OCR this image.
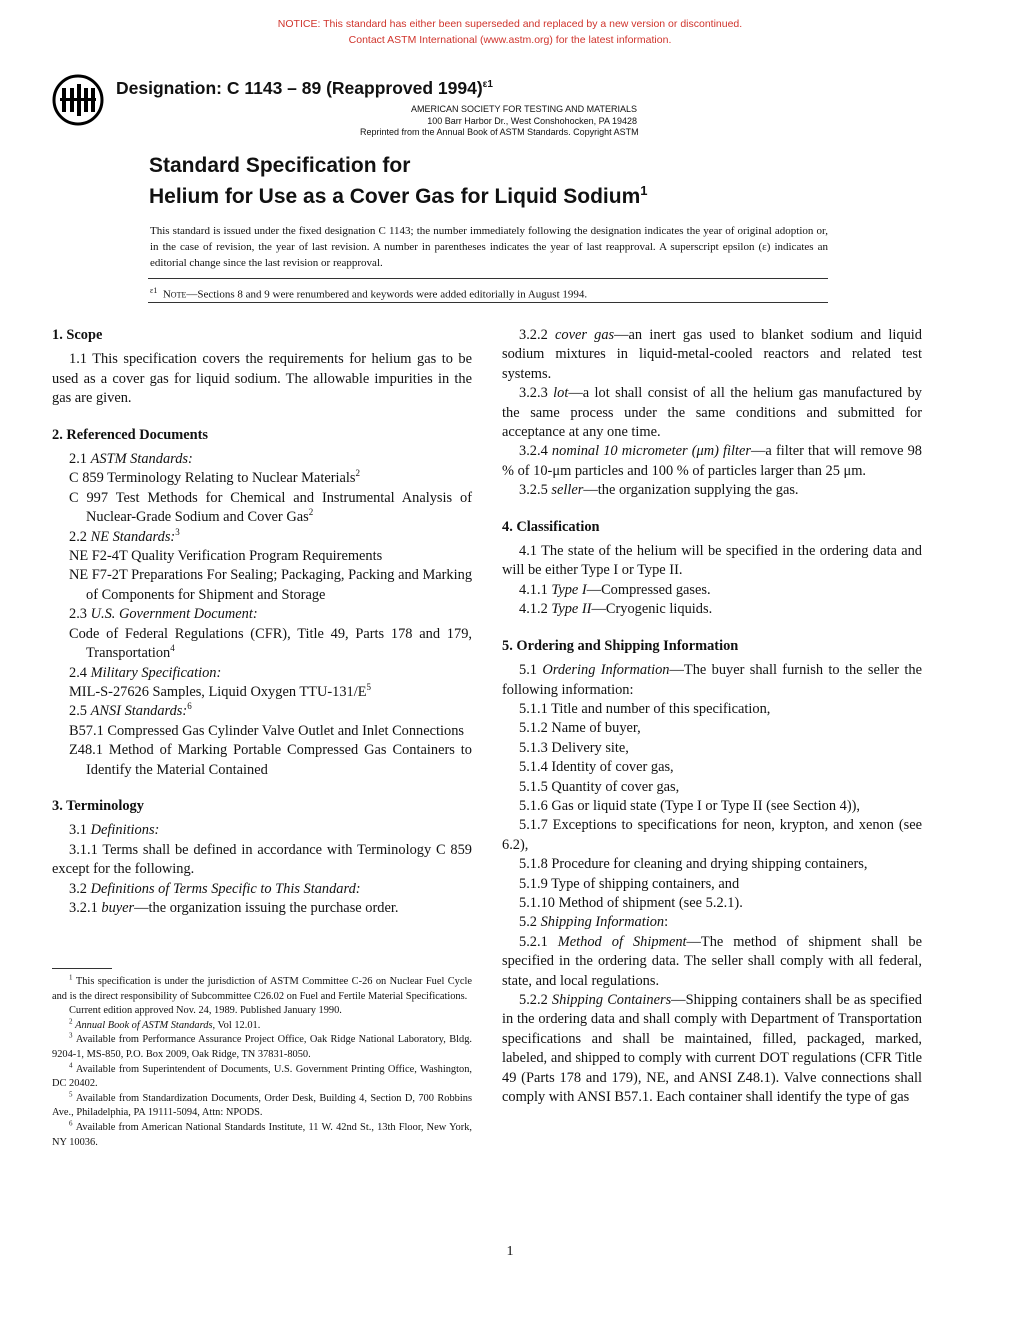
NOTICE: This standard has either been superseded and replaced by a new version or discontinued.
Contact ASTM International (www.astm.org) for the latest information.
Designation: C 1143 – 89 (Reapproved 1994)$^{\varepsilon 1}$
AMERICAN SOCIETY FOR TESTING AND MATERIALS
100 Barr Harbor Dr., West Conshohocken, PA 19428
Reprinted from the Annual Book of ASTM Standards. Copyright ASTM
Standard Specification for
Helium for Use as a Cover Gas for Liquid Sodium$^1$
This standard is issued under the fixed designation C 1143; the number immediately following the designation indicates the year of original adoption or, in the case of revision, the year of last revision. A number in parentheses indicates the year of last reapproval. A superscript epsilon (ε) indicates an editorial change since the last revision or reapproval.
$^{\varepsilon 1}$ Note—Sections 8 and 9 were renumbered and keywords were added editorially in August 1994.
1. Scope

1.1 This specification covers the requirements for helium gas to be used as a cover gas for liquid sodium. The allowable impurities in the gas are given.

2. Referenced Documents

2.1 ASTM Standards:

C 859 Terminology Relating to Nuclear Materials$^2$

C 997 Test Methods for Chemical and Instrumental Analysis of Nuclear-Grade Sodium and Cover Gas$^2$

2.2 NE Standards:$^3$

NE F2-4T Quality Verification Program Requirements

NE F7-2T Preparations For Sealing; Packaging, Packing and Marking of Components for Shipment and Storage

2.3 U.S. Government Document:

Code of Federal Regulations (CFR), Title 49, Parts 178 and 179, Transportation$^4$

2.4 Military Specification:

MIL-S-27626 Samples, Liquid Oxygen TTU-$131/E^5$

2.5 ANSI Standards:$^6$

B57.1 Compressed Gas Cylinder Valve Outlet and Inlet Connections

Z48.1 Method of Marking Portable Compressed Gas Containers to Identify the Material Contained

3. Terminology

3.1 Definitions:

3.1.1 Terms shall be defined in accordance with Terminology C 859 except for the following.

3.2 Definitions of Terms Specific to This Standard:

3.2.1 buyer—the organization issuing the purchase order.

$^1$ This specification is under the jurisdiction of ASTM Committee C-26 on Nuclear Fuel Cycle and is the direct responsibility of Subcommittee C26.02 on Fuel and Fertile Material Specifications.

Current edition approved Nov. 24, 1989. Published January 1990.

$^2$ Annual Book of ASTM Standards, Vol 12.01.

$^3$ Available from Performance Assurance Project Office, Oak Ridge National Laboratory, Bldg. 9204-1, MS-850, P.O. Box 2009, Oak Ridge, TN 37831-8050.

$^4$ Available from Superintendent of Documents, U.S. Government Printing Office, Washington, DC 20402.

$^5$ Available from Standardization Documents, Order Desk, Building 4, Section D, 700 Robbins Ave., Philadelphia, PA 19111-5094, Attn: NPODS.

$^6$ Available from American National Standards Institute, 11 W. 42nd St., 13th Floor, New York, NY 10036.

3.2.2 cover gas—an inert gas used to blanket sodium and liquid sodium mixtures in liquid-metal-cooled reactors and related test systems.

3.2.3 lot—a lot shall consist of all the helium gas manufactured by the same process under the same conditions and submitted for acceptance at any one time.

3.2.4 nominal 10 micrometer (μm) filter—a filter that will remove 98 % of 10-μm particles and 100 % of particles larger than 25 μm.

3.2.5 seller—the organization supplying the gas.

4. Classification

4.1 The state of the helium will be specified in the ordering data and will be either Type I or Type II.

4.1.1 Type I—Compressed gases.

4.1.2 Type II—Cryogenic liquids.

5. Ordering and Shipping Information

5.1 Ordering Information—The buyer shall furnish to the seller the following information:

5.1.1 Title and number of this specification,

5.1.2 Name of buyer,

5.1.3 Delivery site,

5.1.4 Identity of cover gas,

5.1.5 Quantity of cover gas,

5.1.6 Gas or liquid state (Type I or Type II (see Section 4)),

5.1.7 Exceptions to specifications for neon, krypton, and xenon (see 6.2),

5.1.8 Procedure for cleaning and drying shipping containers,

5.1.9 Type of shipping containers, and

5.1.10 Method of shipment (see 5.2.1).

5.2 Shipping Information:

5.2.1 Method of Shipment—The method of shipment shall be specified in the ordering data. The seller shall comply with all federal, state, and local regulations.

5.2.2 Shipping Containers—Shipping containers shall be as specified in the ordering data and shall comply with Department of Transportation specifications and shall be maintained, filled, packaged, marked, labeled, and shipped to comply with current DOT regulations (CFR Title 49 (Parts 178 and 179), NE, and ANSI Z48.1). Valve connections shall comply with ANSI B57.1. Each container shall identify the type of gas

1
